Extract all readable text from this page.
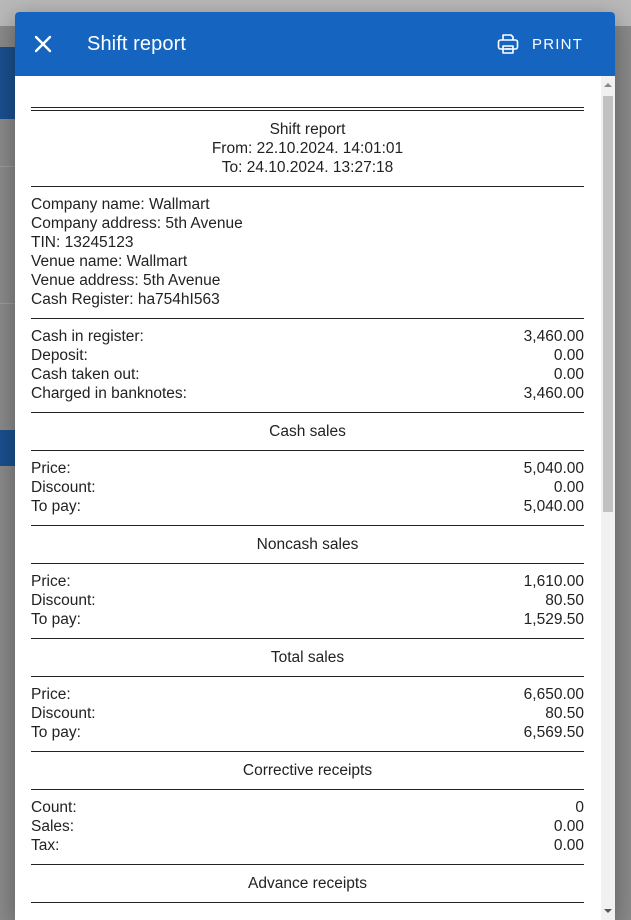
Shift report	PRINT
Shift report
From: 22.10.2024. 14:01:01
To: 24.10.2024. 13:27:18
Company name: Wallmart
Company address: 5th Avenue
TIN: 13245123
Venue name: Wallmart
Venue address: 5th Avenue
Cash Register: ha754hI563
Cash in register:	3,460.00
Deposit:	0.00
Cash taken out:	0.00
Charged in banknotes:	3,460.00
Cash sales
Price:	5,040.00
Discount:	0.00
To pay:	5,040.00
Noncash sales
Price:	1,610.00
Discount:	80.50
To pay:	1,529.50
Total sales
Price:	6,650.00
Discount:	80.50
To pay:	6,569.50
Corrective receipts
Count:	0
Sales:	0.00
Tax:	0.00
Advance receipts
